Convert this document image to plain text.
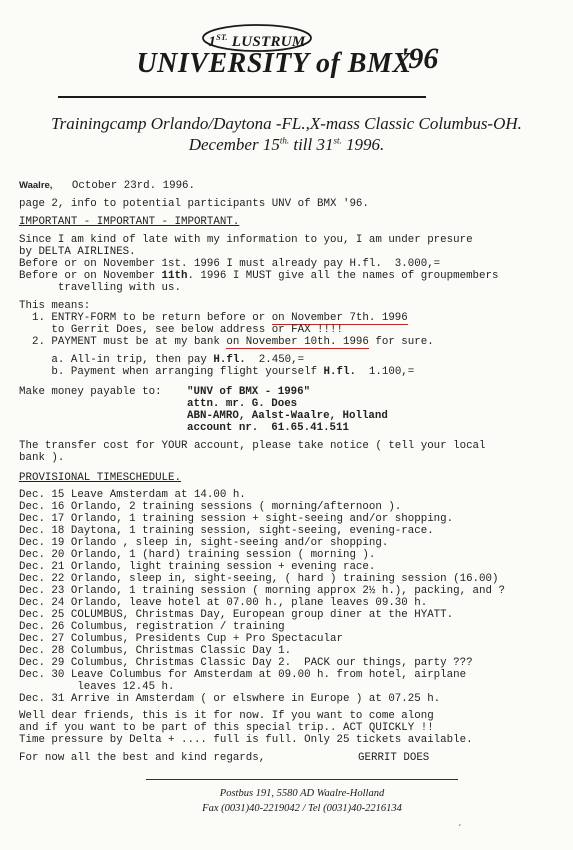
$1^{ST.}$ LUSTRUM
UNIVERSITY of BMX
'96
Trainingcamp Orlando/Daytona -FL.,X-mass Classic Columbus-OH.
December $15^{th.}$ till $31^{st.}$ 1996.
Waalre, October 23rd. 1996.
page 2, info to potential participants UNV of BMX '96.
IMPORTANT - IMPORTANT - IMPORTANT.
Since I am kind of late with my information to you, I am under presure
by DELTA AIRLINES.
Before or on November 1st. 1996 I must already pay H.fl.  3.000,=
Before or on November 11th. 1996 I MUST give all the names of groupmembers
travelling with us.
This means:
1. ENTRY-FORM to be return before or on November 7th. 1996
to Gerrit Does, see below address or FAX !!!!
2. PAYMENT must be at my bank on November 10th. 1996 for sure.
a. All-in trip, then pay H.fl.  2.450,=
b. Payment when arranging flight yourself H.fl.  1.100,=
Make money payable to: "UNV of BMX - 1996"
attn. mr. G. Does
ABN-AMRO, Aalst-Waalre, Holland
account nr.  61.65.41.511
The transfer cost for YOUR account, please take notice ( tell your local
bank ).
PROVISIONAL TIMESCHEDULE.
Dec. 15 Leave Amsterdam at 14.00 h.
Dec. 16 Orlando, 2 training sessions ( morning/afternoon ).
Dec. 17 Orlando, 1 training session + sight-seeing and/or shopping.
Dec. 18 Daytona, 1 training session, sight-seeing, evening-race.
Dec. 19 Orlando , sleep in, sight-seeing and/or shopping.
Dec. 20 Orlando, 1 (hard) training session ( morning ).
Dec. 21 Orlando, light training session + evening race.
Dec. 22 Orlando, sleep in, sight-seeing, ( hard ) training session (16.00)
Dec. 23 Orlando, 1 training session ( morning approx 2½ h.), packing, and ?
Dec. 24 Orlando, leave hotel at 07.00 h., plane leaves 09.30 h.
Dec. 25 COLUMBUS, Christmas Day, European group diner at the HYATT.
Dec. 26 Columbus, registration / training
Dec. 27 Columbus, Presidents Cup + Pro Spectacular
Dec. 28 Columbus, Christmas Classic Day 1.
Dec. 29 Columbus, Christmas Classic Day 2.  PACK our things, party ???
Dec. 30 Leave Columbus for Amsterdam at 09.00 h. from hotel, airplane
leaves 12.45 h.
Dec. 31 Arrive in Amsterdam ( or elswhere in Europe ) at 07.25 h.
Well dear friends, this is it for now. If you want to come along
and if you want to be part of this special trip.. ACT QUICKLY !!
Time pressure by Delta + .... full is full. Only 25 tickets available.
For now all the best and kind regards,	GERRIT DOES
Postbus 191, 5580 AD Waalre-Holland
Fax (0031)40-2219042 / Tel (0031)40-2216134
ˊ
